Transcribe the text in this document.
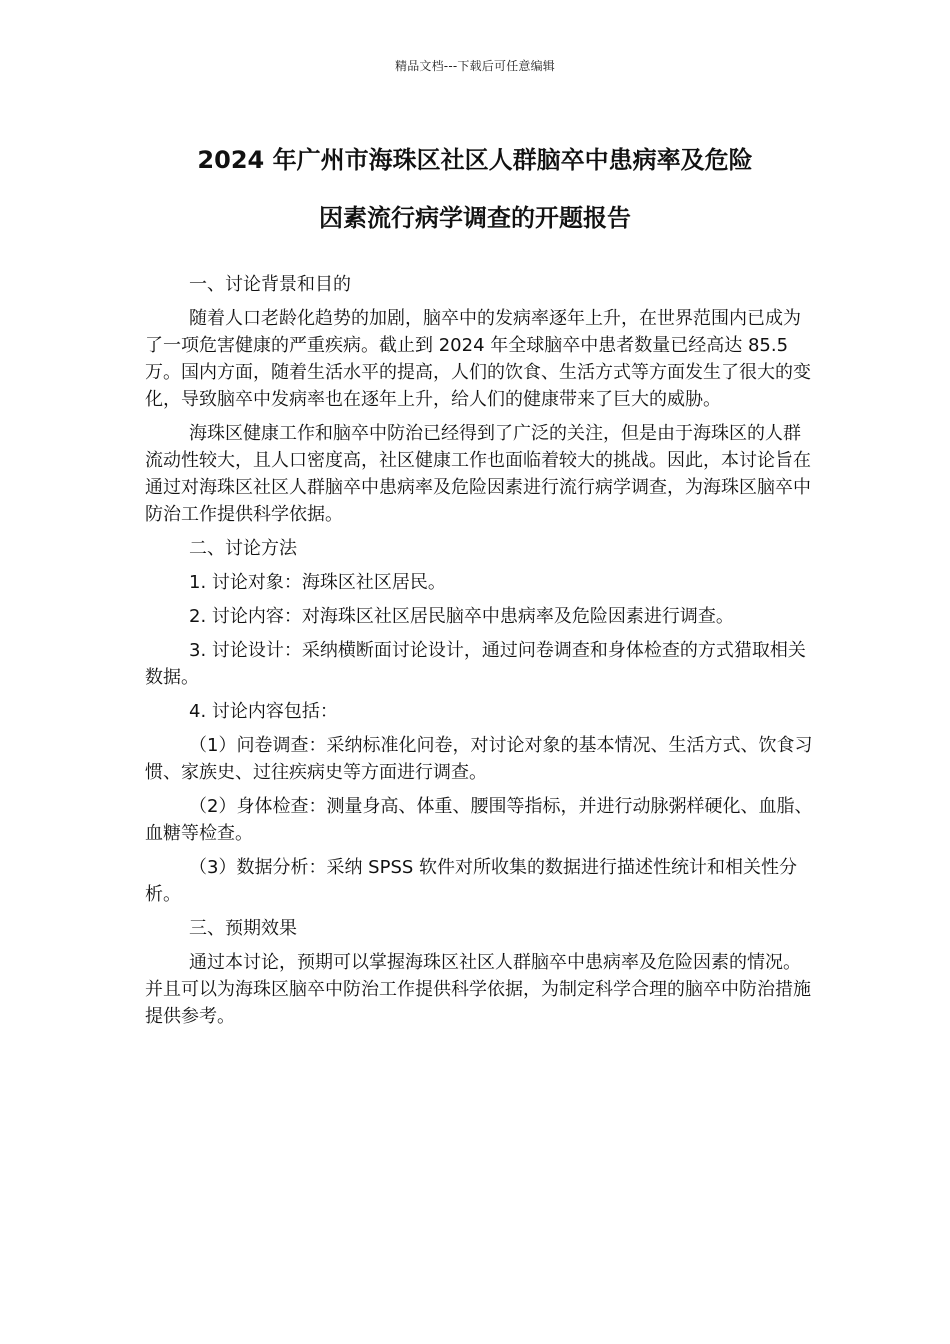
精品文档---下载后可任意编辑
2024 年广州市海珠区社区人群脑卒中患病率及危险
因素流行病学调查的开题报告

一、讨论背景和目的

随着人口老龄化趋势的加剧，脑卒中的发病率逐年上升，在世界范围内已成为了一项危害健康的严重疾病。截止到 2024 年全球脑卒中患者数量已经高达 85.5 万。国内方面，随着生活水平的提高，人们的饮食、生活方式等方面发生了很大的变化，导致脑卒中发病率也在逐年上升，给人们的健康带来了巨大的威胁。

海珠区健康工作和脑卒中防治已经得到了广泛的关注，但是由于海珠区的人群流动性较大，且人口密度高，社区健康工作也面临着较大的挑战。因此，本讨论旨在通过对海珠区社区人群脑卒中患病率及危险因素进行流行病学调查，为海珠区脑卒中防治工作提供科学依据。

二、讨论方法

1. 讨论对象：海珠区社区居民。

2. 讨论内容：对海珠区社区居民脑卒中患病率及危险因素进行调查。

3. 讨论设计：采纳横断面讨论设计，通过问卷调查和身体检查的方式猎取相关数据。

4. 讨论内容包括：

（1）问卷调查：采纳标准化问卷，对讨论对象的基本情况、生活方式、饮食习惯、家族史、过往疾病史等方面进行调查。

（2）身体检查：测量身高、体重、腰围等指标，并进行动脉粥样硬化、血脂、血糖等检查。

（3）数据分析：采纳 SPSS 软件对所收集的数据进行描述性统计和相关性分析。

三、预期效果

通过本讨论，预期可以掌握海珠区社区人群脑卒中患病率及危险因素的情况。并且可以为海珠区脑卒中防治工作提供科学依据，为制定科学合理的脑卒中防治措施提供参考。
